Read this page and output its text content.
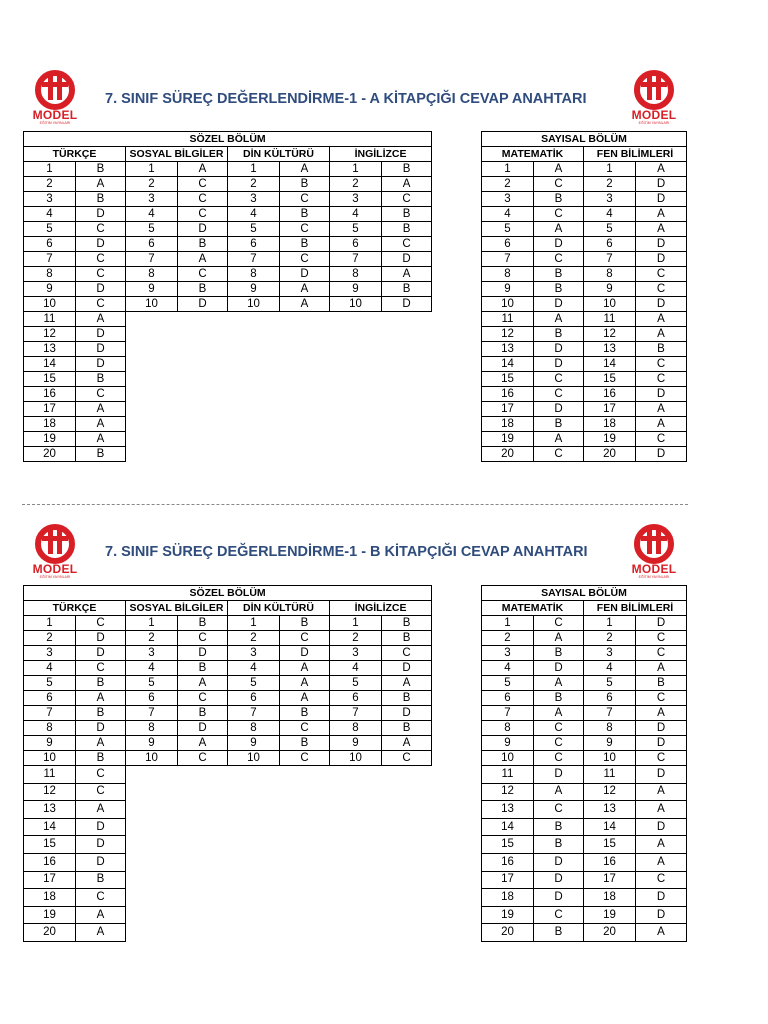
MODEL
EĞİTİM YAYINLARI
7. SINIF SÜREÇ DEĞERLENDİRME-1 - A KİTAPÇIĞI CEVAP ANAHTARI
MODEL
EĞİTİM YAYINLARI
SÖZEL BÖLÜM							
TÜRKÇE		SOSYAL BİLGİLER		DİN KÜLTÜRÜ		İNGİLİZCE	
1	B	1	A	1	A	1	B
2	A	2	C	2	B	2	A
3	B	3	C	3	C	3	C
4	D	4	C	4	B	4	B
5	C	5	D	5	C	5	B
6	D	6	B	6	B	6	C
7	C	7	A	7	C	7	D
8	C	8	C	8	D	8	A
9	D	9	B	9	A	9	B
10	C	10	D	10	A	10	D
11	A						
12	D						
13	D						
14	D						
15	B						
16	C						
17	A						
18	A						
19	A						
20	B						
SAYISAL BÖLÜM			
MATEMATİK		FEN BİLİMLERİ	
1	A	1	A
2	C	2	D
3	B	3	D
4	C	4	A
5	A	5	A
6	D	6	D
7	C	7	D
8	B	8	C
9	B	9	C
10	D	10	D
11	A	11	A
12	B	12	A
13	D	13	B
14	D	14	C
15	C	15	C
16	C	16	D
17	D	17	A
18	B	18	A
19	A	19	C
20	C	20	D
MODEL
EĞİTİM YAYINLARI
7. SINIF SÜREÇ DEĞERLENDİRME-1 - B KİTAPÇIĞI CEVAP ANAHTARI
MODEL
EĞİTİM YAYINLARI
SÖZEL BÖLÜM							
TÜRKÇE		SOSYAL BİLGİLER		DİN KÜLTÜRÜ		İNGİLİZCE	
1	C	1	B	1	B	1	B
2	D	2	C	2	C	2	B
3	D	3	D	3	D	3	C
4	C	4	B	4	A	4	D
5	B	5	A	5	A	5	A
6	A	6	C	6	A	6	B
7	B	7	B	7	B	7	D
8	D	8	D	8	C	8	B
9	A	9	A	9	B	9	A
10	B	10	C	10	C	10	C
11	C						
12	C						
13	A						
14	D						
15	D						
16	D						
17	B						
18	C						
19	A						
20	A						
SAYISAL BÖLÜM			
MATEMATİK		FEN BİLİMLERİ	
1	C	1	D
2	A	2	C
3	B	3	C
4	D	4	A
5	A	5	B
6	B	6	C
7	A	7	A
8	C	8	D
9	C	9	D
10	C	10	C
11	D	11	D
12	A	12	A
13	C	13	A
14	B	14	D
15	B	15	A
16	D	16	A
17	D	17	C
18	D	18	D
19	C	19	D
20	B	20	A
